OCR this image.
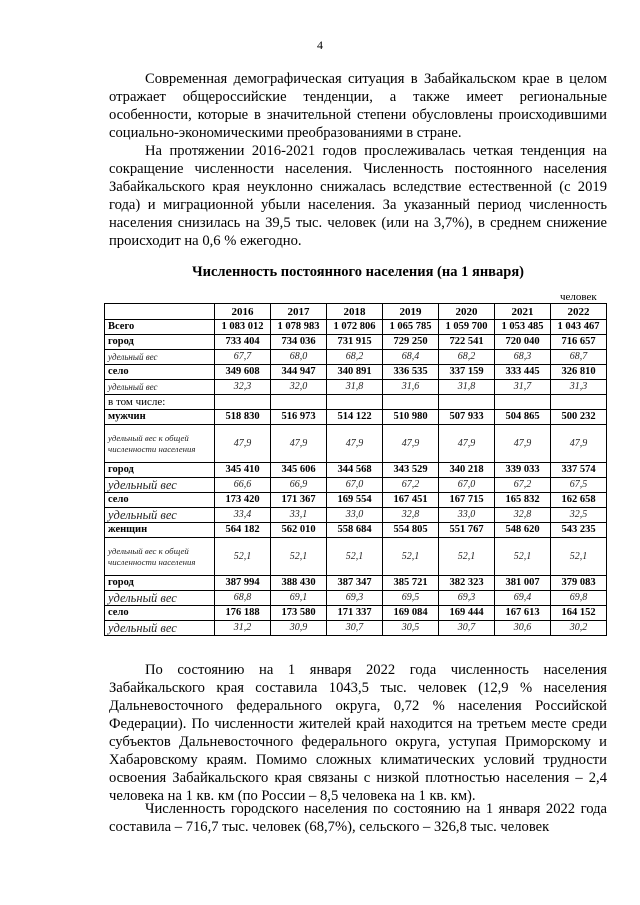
4

Современная демографическая ситуация в Забайкальском крае в целом отражает общероссийские тенденции, а также имеет региональные особенности, которые в значительной степени обусловлены происходившими социально-экономическими преобразованиями в стране.

На протяжении 2016-2021 годов прослеживалась четкая тенденция на сокращение численности населения. Численность постоянного населения Забайкальского края неуклонно снижалась вследствие естественной (с 2019 года) и миграционной убыли населения. За указанный период численность населения снизилась на 39,5 тыс. человек (или на 3,7%), в среднем снижение происходит на 0,6 % ежегодно.

Численность постоянного населения (на 1 января)
человек
	2016	2017	2018	2019	2020	2021	2022
Всего	1 083 012	1 078 983	1 072 806	1 065 785	1 059 700	1 053 485	1 043 467
город	733 404	734 036	731 915	729 250	722 541	720 040	716 657
удельный вес	67,7	68,0	68,2	68,4	68,2	68,3	68,7
село	349 608	344 947	340 891	336 535	337 159	333 445	326 810
удельный вес	32,3	32,0	31,8	31,6	31,8	31,7	31,3
в том числе:							
мужчин	518 830	516 973	514 122	510 980	507 933	504 865	500 232
удельный вес к общей численности населения	47,9	47,9	47,9	47,9	47,9	47,9	47,9
город	345 410	345 606	344 568	343 529	340 218	339 033	337 574
удельный вес	66,6	66,9	67,0	67,2	67,0	67,2	67,5
село	173 420	171 367	169 554	167 451	167 715	165 832	162 658
удельный вес	33,4	33,1	33,0	32,8	33,0	32,8	32,5
женщин	564 182	562 010	558 684	554 805	551 767	548 620	543 235
удельный вес к общей численности населения	52,1	52,1	52,1	52,1	52,1	52,1	52,1
город	387 994	388 430	387 347	385 721	382 323	381 007	379 083
удельный вес	68,8	69,1	69,3	69,5	69,3	69,4	69,8
село	176 188	173 580	171 337	169 084	169 444	167 613	164 152
удельный вес	31,2	30,9	30,7	30,5	30,7	30,6	30,2

По состоянию на 1 января 2022 года численность населения Забайкальского края составила 1043,5 тыс. человек (12,9 % населения Дальневосточного федерального округа, 0,72 % населения Российской Федерации). По численности жителей край находится на третьем месте среди субъектов Дальневосточного федерального округа, уступая Приморскому и Хабаровскому краям. Помимо сложных климатических условий трудности освоения Забайкальского края связаны с низкой плотностью населения – 2,4 человека на 1 кв. км (по России – 8,5 человека на 1 кв. км).

Численность городского населения по состоянию на 1 января 2022 года составила – 716,7 тыс. человек (68,7%), сельского – 326,8 тыс. человек
